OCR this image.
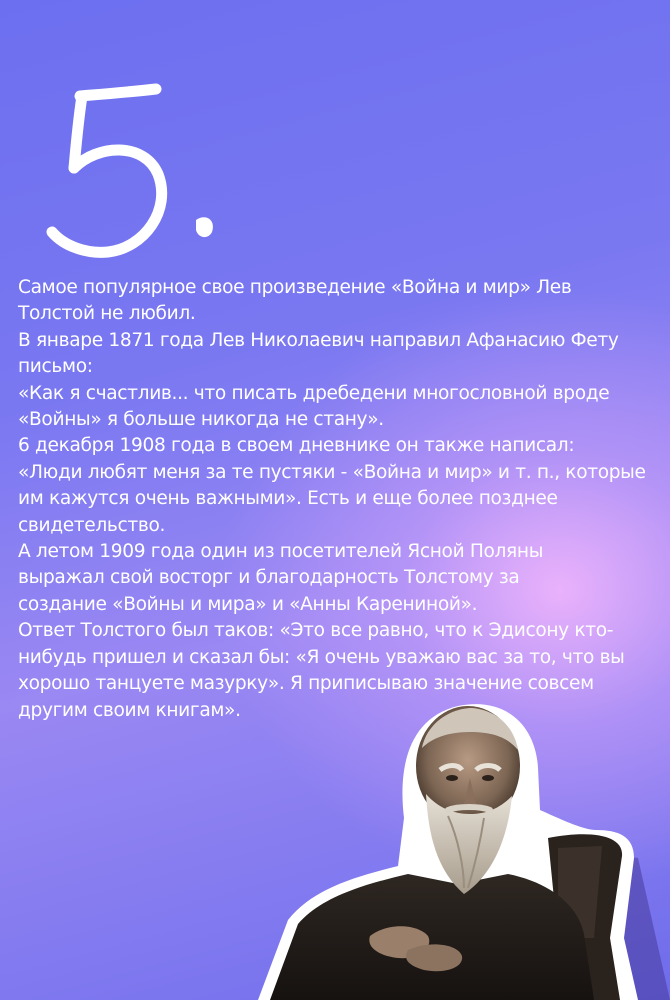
Самое популярное свое произведение «Война и мир» Лев

Толстой не любил.

В январе 1871 года Лев Николаевич направил Афанасию Фету

письмо:

«Как я счастлив... что писать дребедени многословной вроде

«Войны» я больше никогда не стану».

6 декабря 1908 года в своем дневнике он также написал:

«Люди любят меня за те пустяки - «Война и мир» и т. п., которые

им кажутся очень важными». Есть и еще более позднее

свидетельство.

А летом 1909 года один из посетителей Ясной Поляны

выражал свой восторг и благодарность Толстому за

создание «Войны и мира» и «Анны Карениной».

Ответ Толстого был таков: «Это все равно, что к Эдисону кто-

нибудь пришел и сказал бы: «Я очень уважаю вас за то, что вы

хорошо танцуете мазурку». Я приписываю значение совсем

другим своим книгам».
